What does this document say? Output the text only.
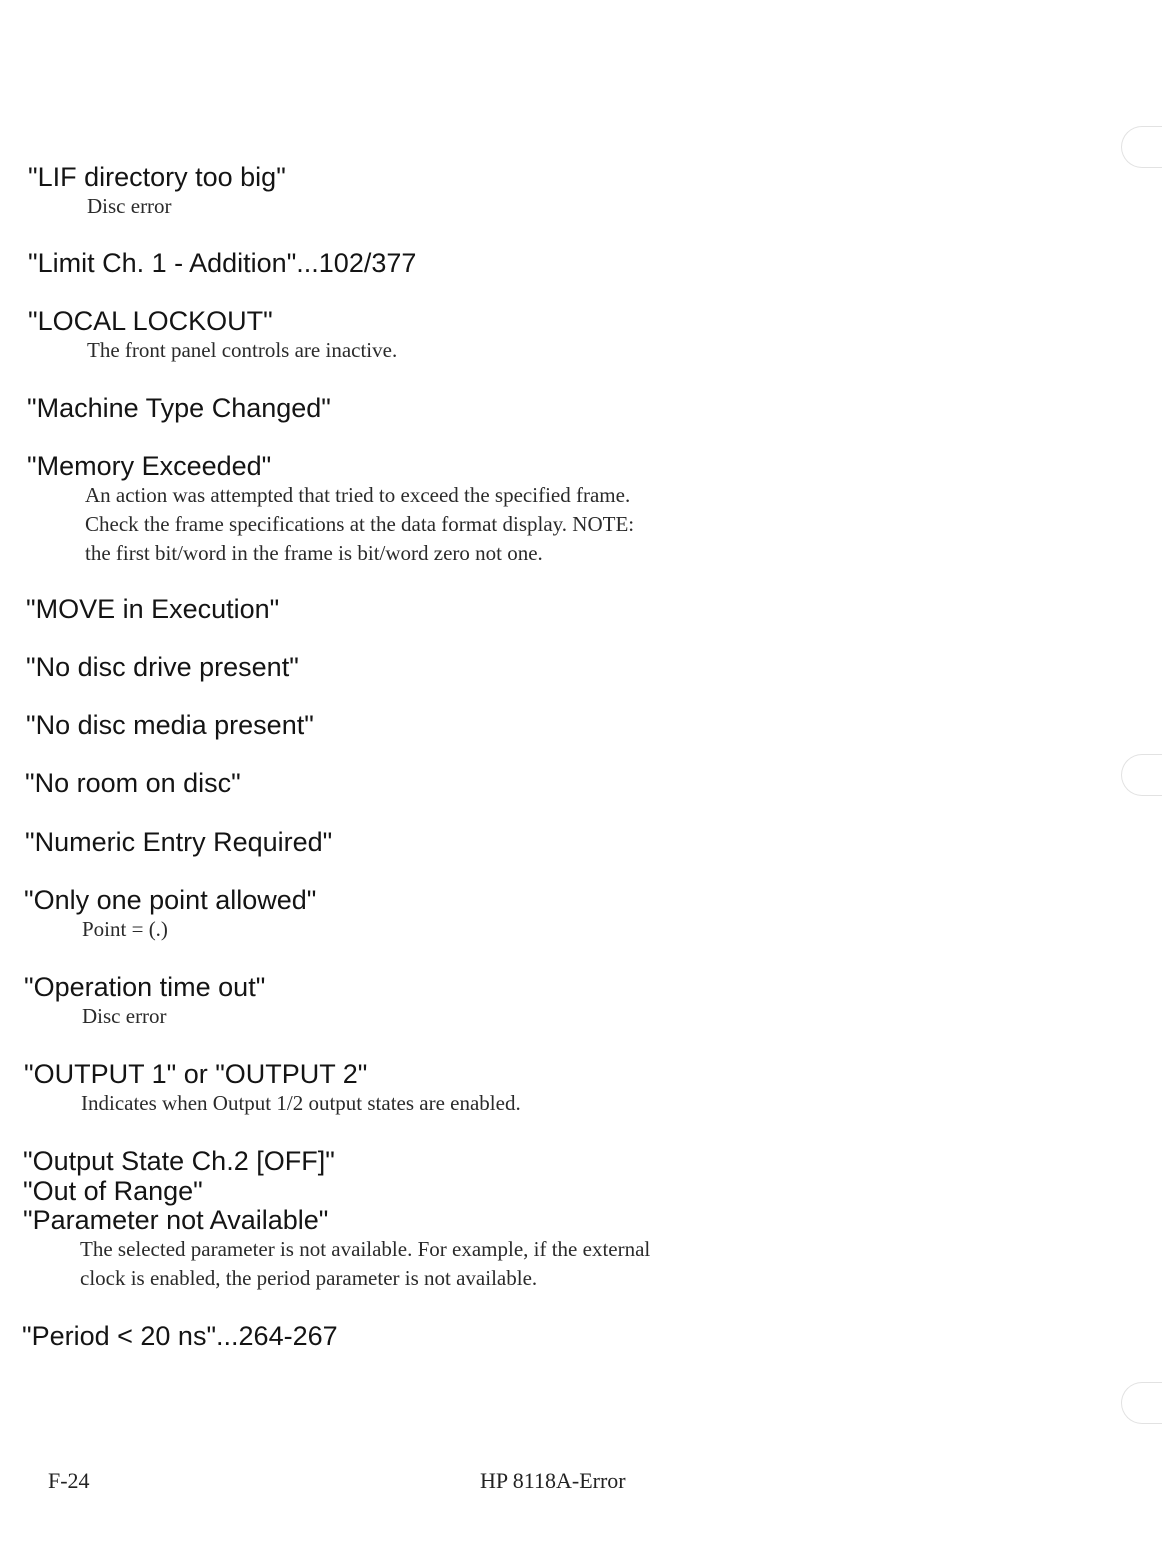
"LIF directory too big"
Disc error
"Limit Ch. 1 - Addition"...102/377
"LOCAL LOCKOUT"
The front panel controls are inactive.
"Machine Type Changed"
"Memory Exceeded"
An action was attempted that tried to exceed the specified frame.
Check the frame specifications at the data format display. NOTE:
the first bit/word in the frame is bit/word zero not one.
"MOVE in Execution"
"No disc drive present"
"No disc media present"
"No room on disc"
"Numeric Entry Required"
"Only one point allowed"
Point = (.)
"Operation time out"
Disc error
"OUTPUT 1" or "OUTPUT 2"
Indicates when Output 1/2 output states are enabled.
"Output State Ch.2 [OFF]"
"Out of Range"
"Parameter not Available"
The selected parameter is not available. For example, if the external
clock is enabled, the period parameter is not available.
"Period < 20 ns"...264-267
F-24	HP 8118A-Error
